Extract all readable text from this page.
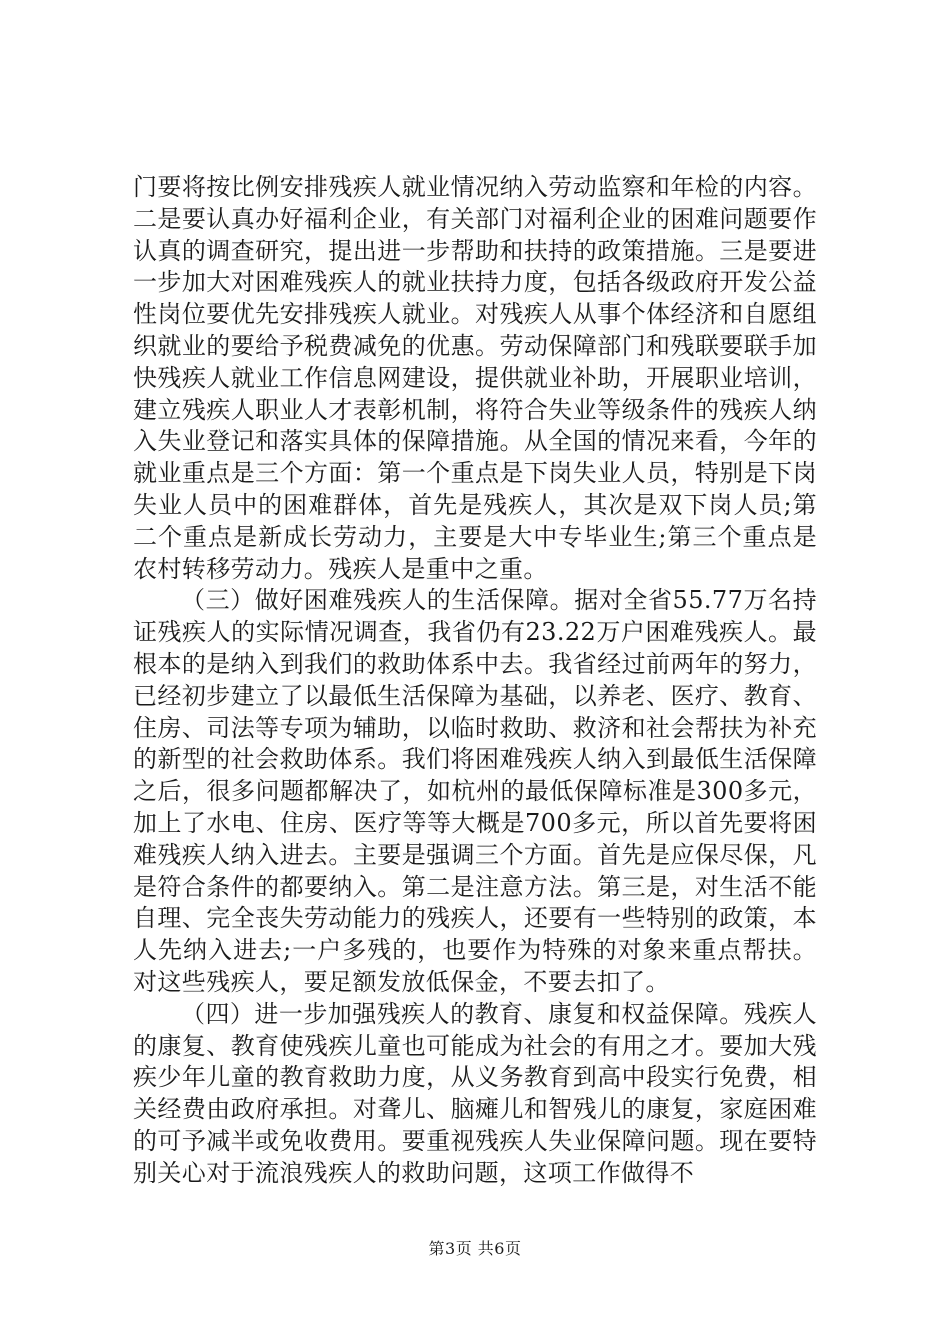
门要将按比例安排残疾人就业情况纳入劳动监察和年检的内容。二是要认真办好福利企业，有关部门对福利企业的困难问题要作认真的调查研究，提出进一步帮助和扶持的政策措施。三是要进一步加大对困难残疾人的就业扶持力度，包括各级政府开发公益性岗位要优先安排残疾人就业。对残疾人从事个体经济和自愿组织就业的要给予税费减免的优惠。劳动保障部门和残联要联手加快残疾人就业工作信息网建设，提供就业补助，开展职业培训，建立残疾人职业人才表彰机制，将符合失业等级条件的残疾人纳入失业登记和落实具体的保障措施。从全国的情况来看，今年的就业重点是三个方面：第一个重点是下岗失业人员，特别是下岗失业人员中的困难群体，首先是残疾人，其次是双下岗人员;第二个重点是新成长劳动力，主要是大中专毕业生;第三个重点是农村转移劳动力。残疾人是重中之重。

（三）做好困难残疾人的生活保障。据对全省55.77万名持证残疾人的实际情况调查，我省仍有23.22万户困难残疾人。最根本的是纳入到我们的救助体系中去。我省经过前两年的努力，已经初步建立了以最低生活保障为基础，以养老、医疗、教育、住房、司法等专项为辅助，以临时救助、救济和社会帮扶为补充的新型的社会救助体系。我们将困难残疾人纳入到最低生活保障之后，很多问题都解决了，如杭州的最低保障标准是300多元，加上了水电、住房、医疗等等大概是700多元，所以首先要将困难残疾人纳入进去。主要是强调三个方面。首先是应保尽保，凡是符合条件的都要纳入。第二是注意方法。第三是，对生活不能自理、完全丧失劳动能力的残疾人，还要有一些特别的政策，本人先纳入进去;一户多残的，也要作为特殊的对象来重点帮扶。对这些残疾人，要足额发放低保金，不要去扣了。

（四）进一步加强残疾人的教育、康复和权益保障。残疾人的康复、教育使残疾儿童也可能成为社会的有用之才。要加大残疾少年儿童的教育救助力度，从义务教育到高中段实行免费，相关经费由政府承担。对聋儿、脑瘫儿和智残儿的康复，家庭困难的可予减半或免收费用。要重视残疾人失业保障问题。现在要特别关心对于流浪残疾人的救助问题，这项工作做得不

第3页 共6页
